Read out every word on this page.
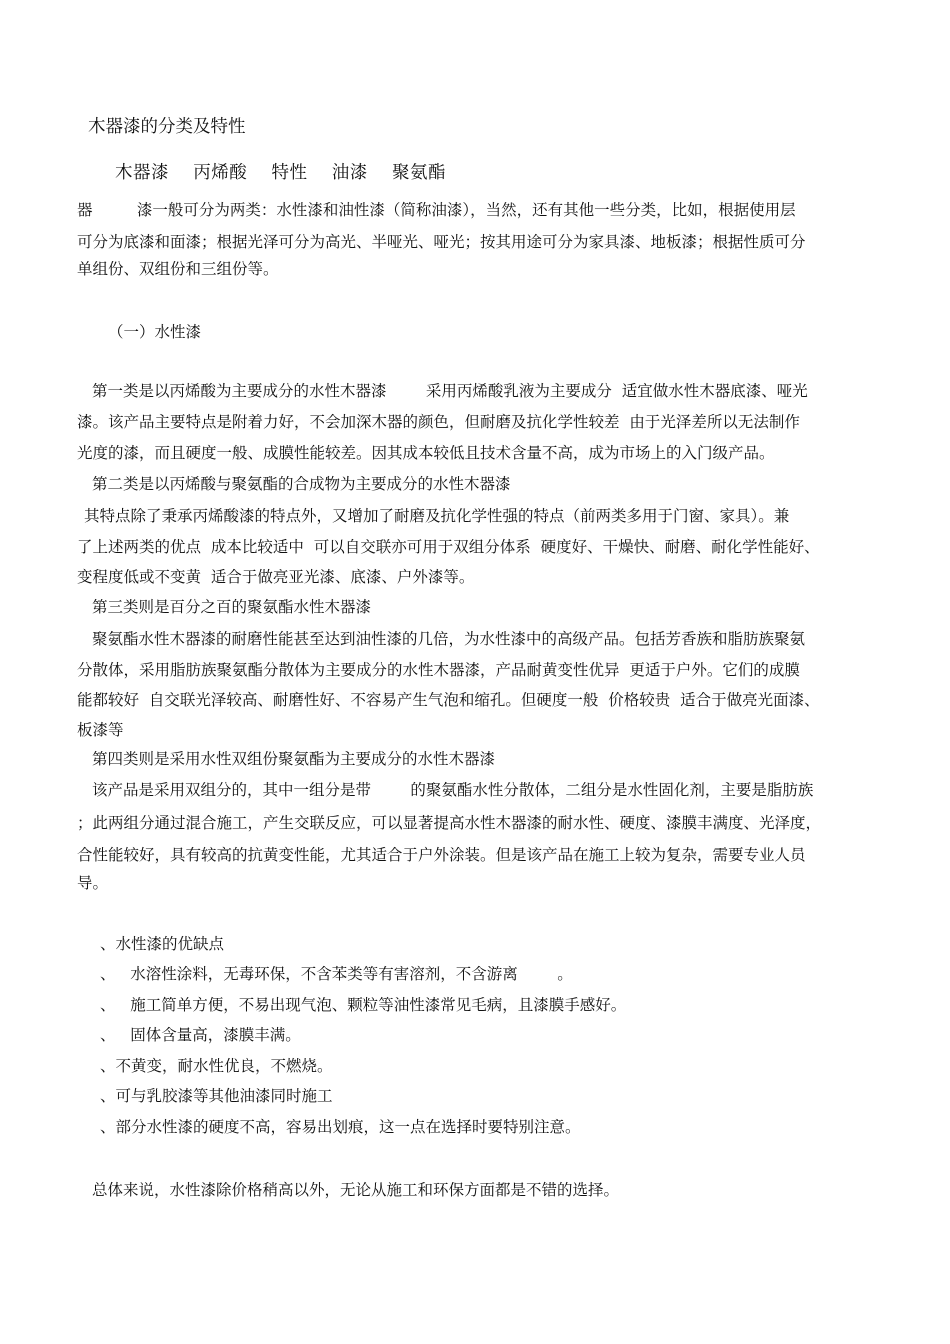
木器漆的分类及特性
木器漆    丙烯酸    特性    油漆    聚氨酯
器         漆一般可分为两类：水性漆和油性漆（简称油漆），当然，还有其他一些分类，比如，根据使用层
可分为底漆和面漆；根据光泽可分为高光、半哑光、哑光；按其用途可分为家具漆、地板漆；根据性质可分
单组份、双组份和三组份等。
（一）水性漆
第一类是以丙烯酸为主要成分的水性木器漆        采用丙烯酸乳液为主要成分  适宜做水性木器底漆、哑光
漆。该产品主要特点是附着力好，不会加深木器的颜色，但耐磨及抗化学性较差  由于光泽差所以无法制作
光度的漆，而且硬度一般、成膜性能较差。因其成本较低且技术含量不高，成为市场上的入门级产品。
第二类是以丙烯酸与聚氨酯的合成物为主要成分的水性木器漆
其特点除了秉承丙烯酸漆的特点外，又增加了耐磨及抗化学性强的特点（前两类多用于门窗、家具）。兼
了上述两类的优点  成本比较适中  可以自交联亦可用于双组分体系  硬度好、干燥快、耐磨、耐化学性能好、
变程度低或不变黄  适合于做亮亚光漆、底漆、户外漆等。
第三类则是百分之百的聚氨酯水性木器漆
聚氨酯水性木器漆的耐磨性能甚至达到油性漆的几倍，为水性漆中的高级产品。包括芳香族和脂肪族聚氨
分散体，采用脂肪族聚氨酯分散体为主要成分的水性木器漆，产品耐黄变性优异  更适于户外。它们的成膜
能都较好  自交联光泽较高、耐磨性好、不容易产生气泡和缩孔。但硬度一般  价格较贵  适合于做亮光面漆、
板漆等
第四类则是采用水性双组份聚氨酯为主要成分的水性木器漆
该产品是采用双组分的，其中一组分是带        的聚氨酯水性分散体，二组分是水性固化剂，主要是脂肪族
；此两组分通过混合施工，产生交联反应，可以显著提高水性木器漆的耐水性、硬度、漆膜丰满度、光泽度，
合性能较好，具有较高的抗黄变性能，尤其适合于户外涂装。但是该产品在施工上较为复杂，需要专业人员
导。
、水性漆的优缺点
、   水溶性涂料，无毒环保，不含苯类等有害溶剂，不含游离        。
、   施工简单方便，不易出现气泡、颗粒等油性漆常见毛病，且漆膜手感好。
、   固体含量高，漆膜丰满。
、不黄变，耐水性优良，不燃烧。
、可与乳胶漆等其他油漆同时施工
、部分水性漆的硬度不高，容易出划痕，这一点在选择时要特别注意。
总体来说，水性漆除价格稍高以外，无论从施工和环保方面都是不错的选择。
